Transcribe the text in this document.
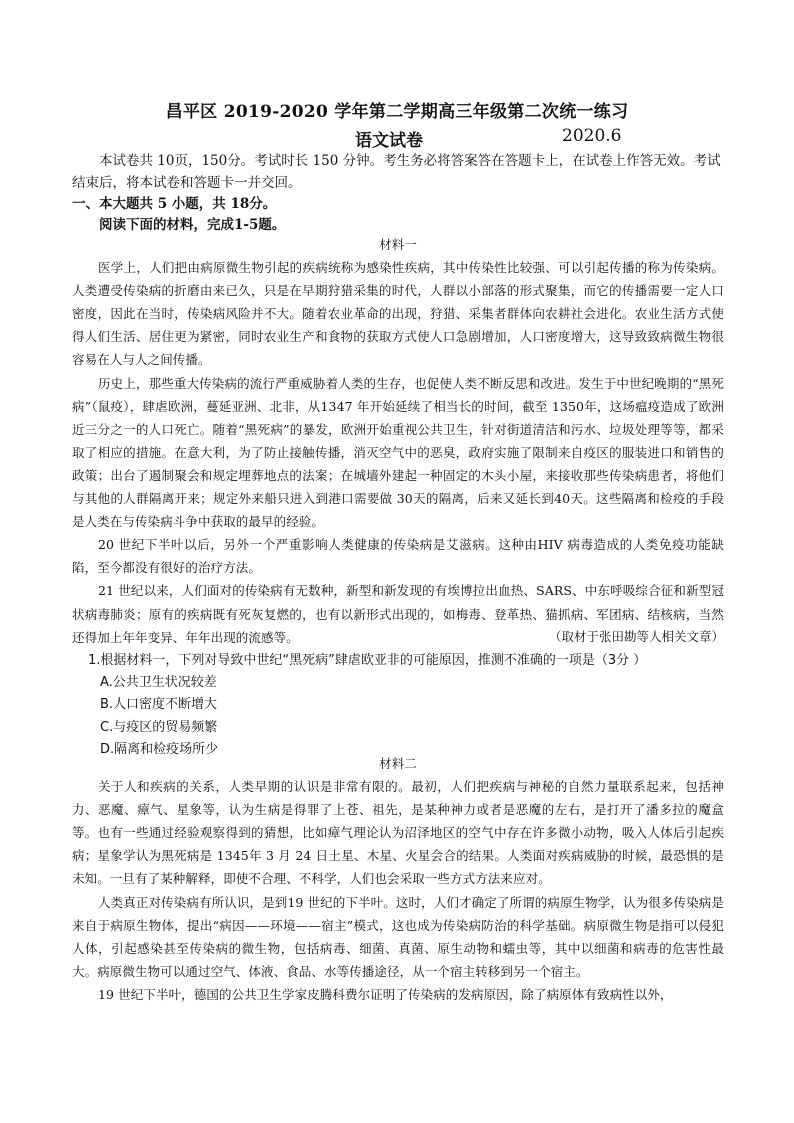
昌平区 2019-2020 学年第二学期高三年级第二次统一练习
语文试卷	2020.6
本试卷共 10页，150分。考试时长 150 分钟。考生务必将答案答在答题卡上，在试卷上作答无效。考试结束后，将本试卷和答题卡一并交回。
一、本大题共 5 小题，共 18分。
阅读下面的材料，完成1-5题。

材料一

医学上，人们把由病原微生物引起的疾病统称为感染性疾病，其中传染性比较强、可以引起传播的称为传染病。人类遭受传染病的折磨由来已久，只是在早期狩猎采集的时代，人群以小部落的形式聚集，而它的传播需要一定人口密度，因此在当时，传染病风险并不大。随着农业革命的出现，狩猎、采集者群体向农耕社会进化。农业生活方式使得人们生活、居住更为紧密，同时农业生产和食物的获取方式使人口急剧增加，人口密度增大，这导致致病微生物很容易在人与人之间传播。

历史上，那些重大传染病的流行严重威胁着人类的生存，也促使人类不断反思和改进。发生于中世纪晚期的“黑死病”（鼠疫），肆虐欧洲，蔓延亚洲、北非，从1347 年开始延续了相当长的时间，截至 1350年，这场瘟疫造成了欧洲近三分之一的人口死亡。随着“黑死病”的暴发，欧洲开始重视公共卫生，针对街道清洁和污水、垃圾处理等等，都采取了相应的措施。在意大利，为了防止接触传播，消灭空气中的恶臭，政府实施了限制来自疫区的服装进口和销售的政策；出台了遏制聚会和规定埋葬地点的法案；在城墙外建起一种固定的木头小屋，来接收那些传染病患者，将他们与其他的人群隔离开来；规定外来船只进入到港口需要做 30天的隔离，后来又延长到40天。这些隔离和检疫的手段是人类在与传染病斗争中获取的最早的经验。

20 世纪下半叶以后，另外一个严重影响人类健康的传染病是艾滋病。这种由HIV 病毒造成的人类免疫功能缺陷，至今都没有很好的治疗方法。

21 世纪以来，人们面对的传染病有无数种，新型和新发现的有埃博拉出血热、SARS、中东呼吸综合征和新型冠状病毒肺炎；原有的疾病既有死灰复燃的，也有以新形式出现的，如梅毒、登革热、猫抓病、军团病、结核病，当然还得加上年年变异、年年出现的流感等。	（取材于张田勘等人相关文章）
1.根据材料一，下列对导致中世纪“黑死病”肆虐欧亚非的可能原因，推测不准确的一项是（3分 ）
A.公共卫生状况较差
B.人口密度不断增大
C.与疫区的贸易频繁
D.隔离和检疫场所少

材料二

关于人和疾病的关系，人类早期的认识是非常有限的。最初，人们把疾病与神秘的自然力量联系起来，包括神力、恶魔、瘴气、星象等，认为生病是得罪了上苍、祖先，是某种神力或者是恶魔的左右，是打开了潘多拉的魔盒等。也有一些通过经验观察得到的猜想，比如瘴气理论认为沼泽地区的空气中存在许多微小动物，吸入人体后引起疾病；星象学认为黑死病是 1345年 3 月 24 日土星、木星、火星会合的结果。人类面对疾病威胁的时候，最恐惧的是未知。一旦有了某种解释，即使不合理、不科学，人们也会采取一些方式方法来应对。

人类真正对传染病有所认识，是到19 世纪的下半叶。这时，人们才确定了所谓的病原生物学，认为很多传染病是来自于病原生物体，提出“病因——环境——宿主”模式，这也成为传染病防治的科学基础。病原微生物是指可以侵犯人体，引起感染甚至传染病的微生物，包括病毒、细菌、真菌、原生动物和蠕虫等，其中以细菌和病毒的危害性最大。病原微生物可以通过空气、体液、食品、水等传播途径，从一个宿主转移到另一个宿主。

19 世纪下半叶，德国的公共卫生学家皮腾科费尔证明了传染病的发病原因，除了病原体有致病性以外，
